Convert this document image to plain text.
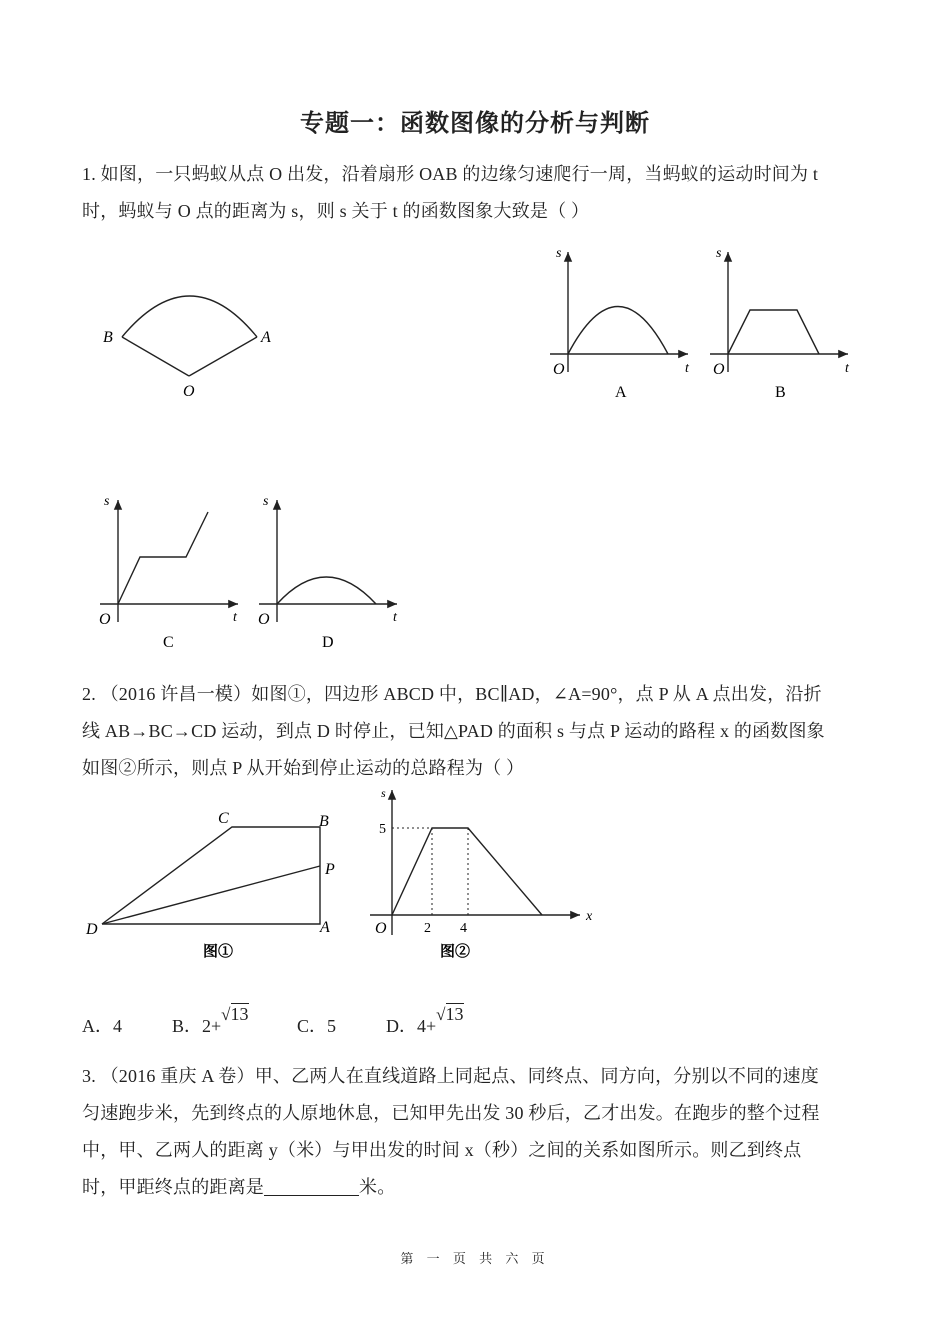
专题一：函数图像的分析与判断
1. 如图，一只蚂蚁从点 O 出发，沿着扇形 OAB 的边缘匀速爬行一周，当蚂蚁的运动时间为 t
时，蚂蚁与 O 点的距离为 s，则 s 关于 t 的函数图象大致是（ ）
B	A
O
s
t
O
A
s
t
O
B
s
t
O
C
s
t
O
D
C	B
P
D	A
图①
s
x
O
5
2 4
图②
2. （2016 许昌一模）如图①，四边形 ABCD 中，BC∥AD，∠A=90°，点 P 从 A 点出发，沿折
线 AB→BC→CD 运动，到点 D 时停止，已知△PAD 的面积 s 与点 P 运动的路程 x 的函数图象
如图②所示，则点 P 从开始到停止运动的总路程为（ ）
A．4	B．2+√13
C．5	D．4+√13
3. （2016 重庆 A 卷）甲、乙两人在直线道路上同起点、同终点、同方向，分别以不同的速度
匀速跑步米，先到终点的人原地休息，已知甲先出发 30 秒后，乙才出发。在跑步的整个过程
中，甲、乙两人的距离 y（米）与甲出发的时间 x（秒）之间的关系如图所示。则乙到终点
时，甲距终点的距离是	米。
第 一 页 共 六 页
